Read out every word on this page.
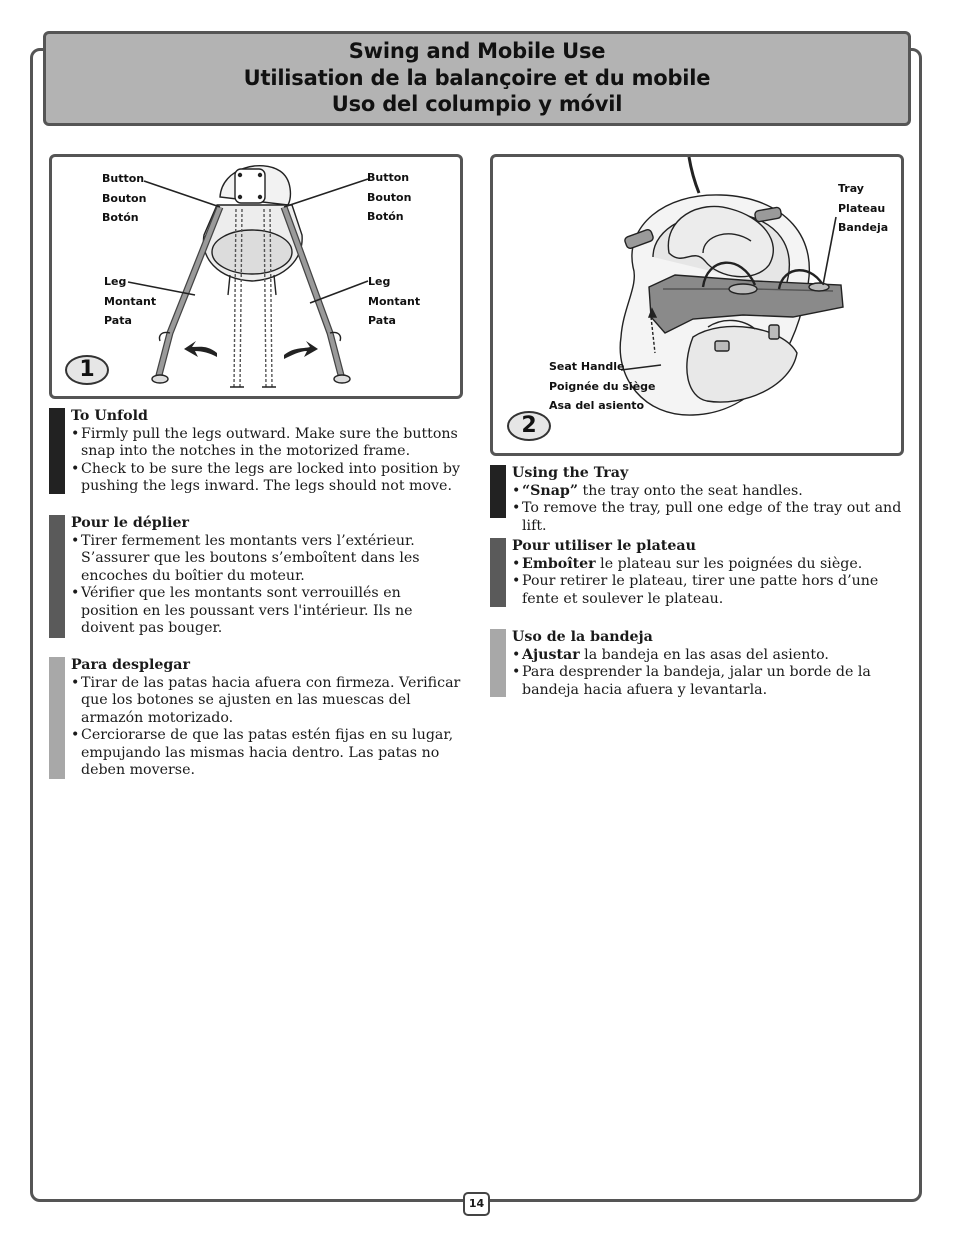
Swing and Mobile Use
Utilisation de la balançoire et du mobile
Uso del columpio y móvil
Button
Bouton
Botón
Button
Bouton
Botón
Leg
Montant
Pata
Leg
Montant
Pata
1
Tray
Plateau
Bandeja
Seat Handle
Poignée du siège
Asa del asiento
2
To Unfold
• Firmly pull the legs outward. Make sure the buttons snap into the notches in the motorized frame.
• Check to be sure the legs are locked into position by pushing the legs inward. The legs should not move.
Pour le déplier
• Tirer fermement les montants vers l’extérieur. S’assurer que les boutons s’emboîtent dans les encoches du boîtier du moteur.
• Vérifier que les montants sont verrouillés en position en les poussant vers l'intérieur. Ils ne doivent pas bouger.
Para desplegar
• Tirar de las patas hacia afuera con firmeza. Verificar que los botones se ajusten en las muescas del armazón motorizado.
• Cerciorarse de que las patas estén fijas en su lugar, empujando las mismas hacia dentro. Las patas no deben moverse.
Using the Tray
• “Snap” the tray onto the seat handles.
• To remove the tray, pull one edge of the tray out and lift.
Pour utiliser le plateau
• Emboîter le plateau sur les poignées du siège.
• Pour retirer le plateau, tirer une patte hors d’une fente et soulever le plateau.
Uso de la bandeja
• Ajustar la bandeja en las asas del asiento.
• Para desprender la bandeja, jalar un borde de la bandeja hacia afuera y levantarla.
14
